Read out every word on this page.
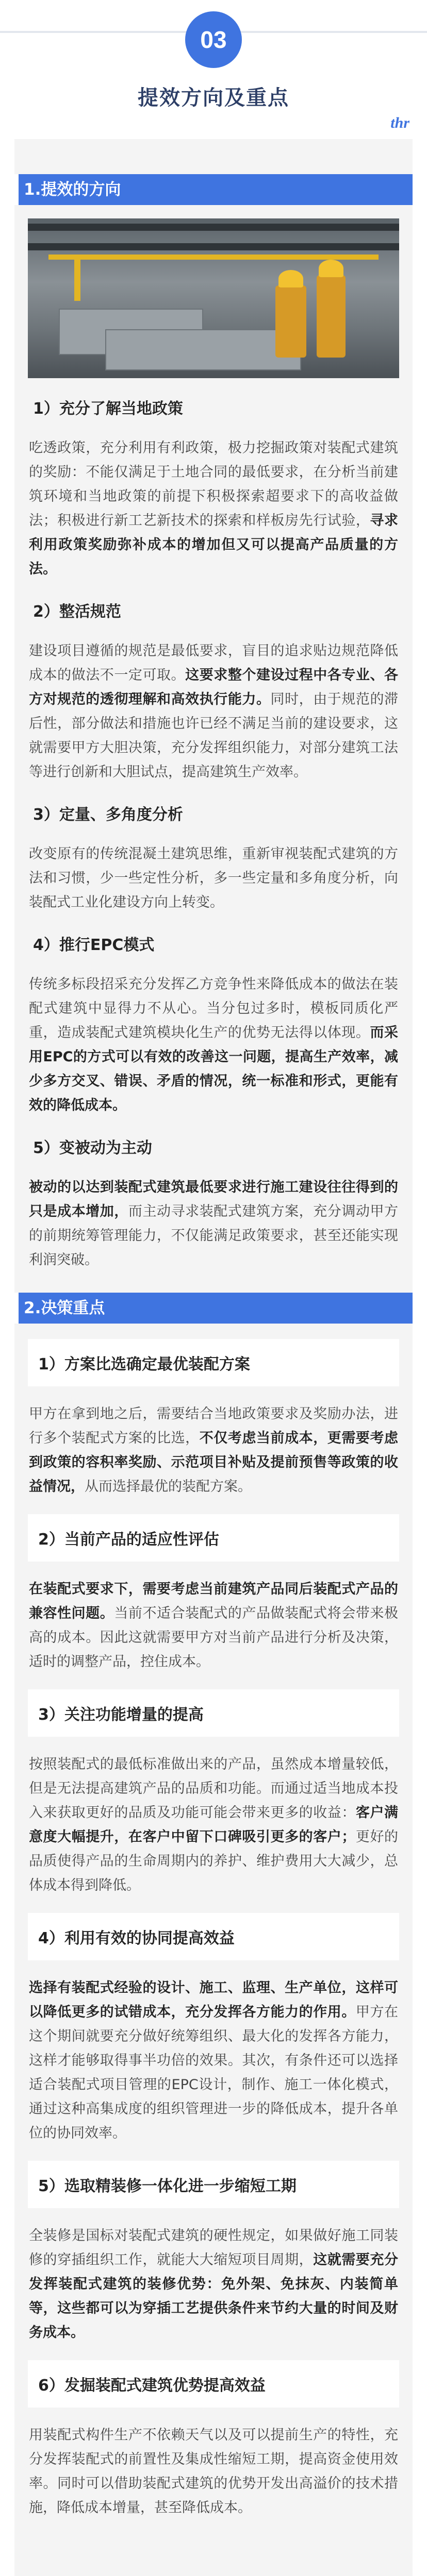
03
提效方向及重点
thr
1.提效的方向
1）充分了解当地政策

吃透政策，充分利用有利政策，极力挖掘政策对装配式建筑的奖励：不能仅满足于土地合同的最低要求，在分析当前建筑环境和当地政策的前提下积极探索超要求下的高收益做法；积极进行新工艺新技术的探索和样板房先行试验，寻求利用政策奖励弥补成本的增加但又可以提高产品质量的方法。

2）整活规范

建设项目遵循的规范是最低要求，盲目的追求贴边规范降低成本的做法不一定可取。这要求整个建设过程中各专业、各方对规范的透彻理解和高效执行能力。同时，由于规范的滞后性，部分做法和措施也许已经不满足当前的建设要求，这就需要甲方大胆决策，充分发挥组织能力，对部分建筑工法等进行创新和大胆试点，提高建筑生产效率。

3）定量、多角度分析

改变原有的传统混凝土建筑思维，重新审视装配式建筑的方法和习惯，少一些定性分析，多一些定量和多角度分析，向装配式工业化建设方向上转变。

4）推行EPC模式

传统多标段招采充分发挥乙方竞争性来降低成本的做法在装配式建筑中显得力不从心。当分包过多时，模板同质化严重，造成装配式建筑模块化生产的优势无法得以体现。而采用EPC的方式可以有效的改善这一问题，提高生产效率，减少多方交叉、错误、矛盾的情况，统一标准和形式，更能有效的降低成本。

5）变被动为主动

被动的以达到装配式建筑最低要求进行施工建设往往得到的只是成本增加，而主动寻求装配式建筑方案，充分调动甲方的前期统筹管理能力，不仅能满足政策要求，甚至还能实现利润突破。

2.决策重点
1）方案比选确定最优装配方案

甲方在拿到地之后，需要结合当地政策要求及奖励办法，进行多个装配式方案的比选，不仅考虑当前成本，更需要考虑到政策的容积率奖励、示范项目补贴及提前预售等政策的收益情况，从而选择最优的装配方案。

2）当前产品的适应性评估

在装配式要求下，需要考虑当前建筑产品同后装配式产品的兼容性问题。当前不适合装配式的产品做装配式将会带来极高的成本。因此这就需要甲方对当前产品进行分析及决策，适时的调整产品，控住成本。

3）关注功能增量的提高

按照装配式的最低标准做出来的产品，虽然成本增量较低，但是无法提高建筑产品的品质和功能。而通过适当地成本投入来获取更好的品质及功能可能会带来更多的收益：客户满意度大幅提升，在客户中留下口碑吸引更多的客户；更好的品质使得产品的生命周期内的养护、维护费用大大减少，总体成本得到降低。

4）利用有效的协同提高效益

选择有装配式经验的设计、施工、监理、生产单位，这样可以降低更多的试错成本，充分发挥各方能力的作用。甲方在这个期间就要充分做好统筹组织、最大化的发挥各方能力，这样才能够取得事半功倍的效果。其次，有条件还可以选择适合装配式项目管理的EPC设计，制作、施工一体化模式，通过这种高集成度的组织管理进一步的降低成本，提升各单位的协同效率。

5）选取精装修一体化进一步缩短工期

全装修是国标对装配式建筑的硬性规定，如果做好施工同装修的穿插组织工作，就能大大缩短项目周期，这就需要充分发挥装配式建筑的装修优势：免外架、免抹灰、内装简单等，这些都可以为穿插工艺提供条件来节约大量的时间及财务成本。

6）发掘装配式建筑优势提高效益

用装配式构件生产不依赖天气以及可以提前生产的特性，充分发挥装配式的前置性及集成性缩短工期，提高资金使用效率。同时可以借助装配式建筑的优势开发出高溢价的技术措施，降低成本增量，甚至降低成本。
